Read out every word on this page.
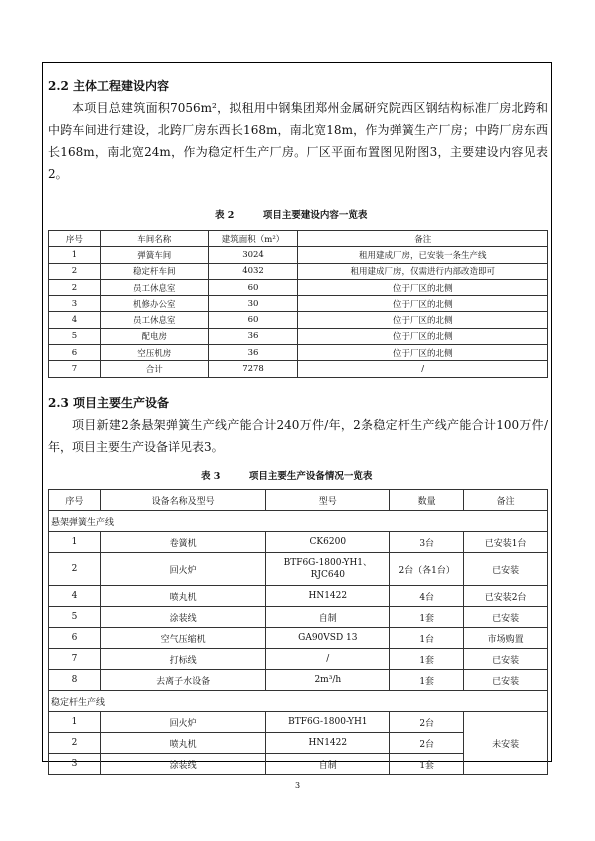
2.2 主体工程建设内容
本项目总建筑面积7056m²，拟租用中钢集团郑州金属研究院西区钢结构标准厂房北跨和中跨车间进行建设，北跨厂房东西长168m，南北宽18m，作为弹簧生产厂房；中跨厂房东西长168m，南北宽24m，作为稳定杆生产厂房。厂区平面布置图见附图3，主要建设内容见表2。
表 2　　　项目主要建设内容一览表
序号	车间名称	建筑面积（m²）	备注
1	弹簧车间	3024	租用建成厂房，已安装一条生产线
2	稳定杆车间	4032	租用建成厂房，仅需进行内部改造即可
2	员工休息室	60	位于厂区的北侧
3	机修办公室	30	位于厂区的北侧
4	员工休息室	60	位于厂区的北侧
5	配电房	36	位于厂区的北侧
6	空压机房	36	位于厂区的北侧
7	合计	7278	/
2.3 项目主要生产设备
项目新建2条悬架弹簧生产线产能合计240万件/年，2条稳定杆生产线产能合计100万件/年，项目主要生产设备详见表3。
表 3　　　项目主要生产设备情况一览表
序号	设备名称及型号	型号	数量	备注
悬架弹簧生产线				
1	卷簧机	CK6200	3台	已安装1台
2	回火炉	BTF6G-1800-YH1、RJC640	2台（各1台）	已安装
4	喷丸机	HN1422	4台	已安装2台
5	涂装线	自制	1套	已安装
6	空气压缩机	GA90VSD 13	1台	市场购置
7	打标线	/	1套	已安装
8	去离子水设备	2m³/h	1套	已安装
稳定杆生产线				
1	回火炉	BTF6G-1800-YH1	2台	未安装
2	喷丸机	HN1422	2台	
3	涂装线	自制	1套	
3
